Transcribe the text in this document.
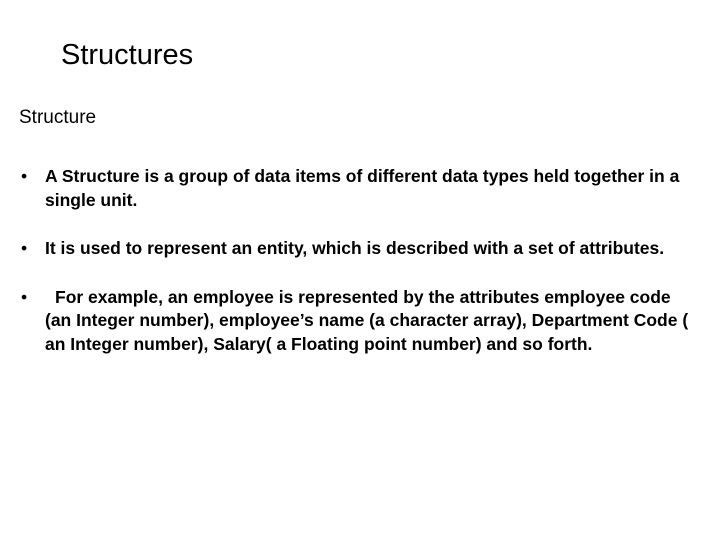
Structures
Structure
• A Structure is a group of data items of different data types held together in a single unit.
• It is used to represent an entity, which is described with a set of attributes.
•	For example, an employee is represented by the attributes employee code (an Integer number), employee’s name (a character array), Department Code ( an Integer number), Salary( a Floating point number) and so forth.
